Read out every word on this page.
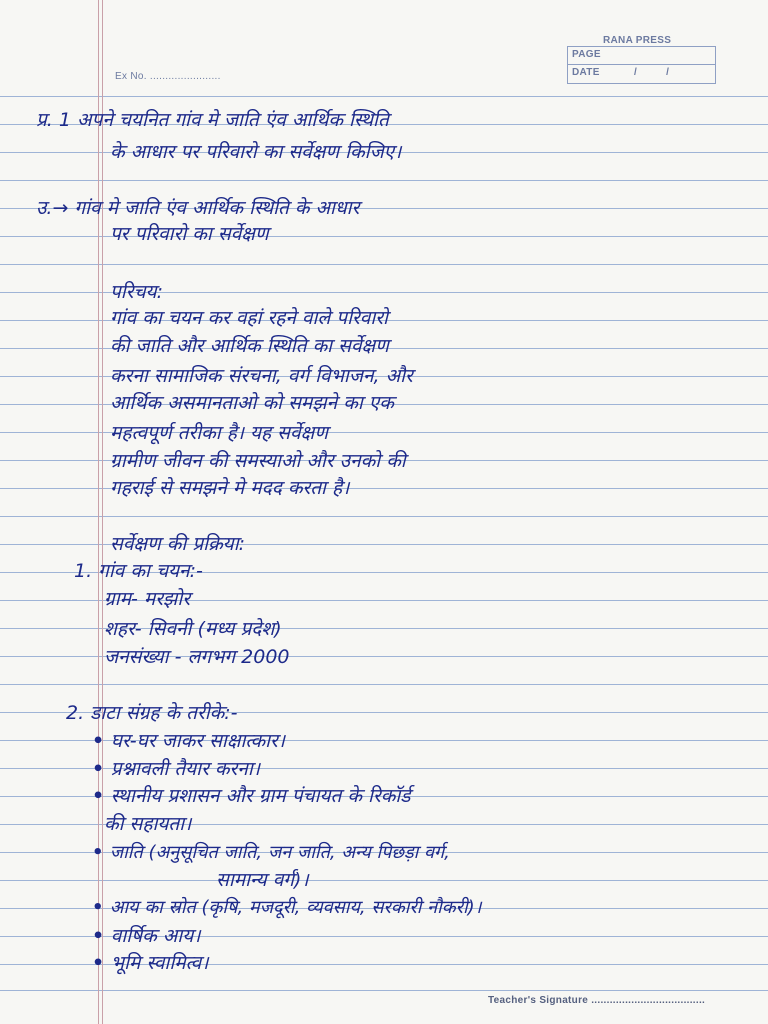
RANA PRESS
PAGE
DATE	/ /
Ex No. .......................
प्र. 1 अपने चयनित गांव मे जाति एंव आर्थिक स्थिति
के आधार पर परिवारो का सर्वेक्षण किजिए।
उ.→ गांव मे जाति एंव आर्थिक स्थिति के आधार
पर परिवारो का सर्वेक्षण
परिचय:
गांव का चयन कर वहां रहने वाले परिवारो
की जाति और आर्थिक स्थिति का सर्वेक्षण
करना सामाजिक संरचना, वर्ग विभाजन, और
आर्थिक असमानताओ को समझने का एक
महत्वपूर्ण तरीका है। यह सर्वेक्षण
ग्रामीण जीवन की समस्याओ और उनको की
गहराई से समझने मे मदद करता है।
सर्वेक्षण की प्रक्रिया:
1. गांव का चयन:-
ग्राम- मरझोर
शहर- सिवनी (मध्य प्रदेश)
जनसंख्या - लगभग 2000
2. डाटा संग्रह के तरीके:-
• घर-घर जाकर साक्षात्कार।
• प्रश्नावली तैयार करना।
• स्थानीय प्रशासन और ग्राम पंचायत के रिकॉर्ड
की सहायता।
• जाति (अनुसूचित जाति, जन जाति, अन्य पिछड़ा वर्ग,
सामान्य वर्ग)।
• आय का स्रोत (कृषि, मजदूरी, व्यवसाय, सरकारी नौकरी)।
• वार्षिक आय।
• भूमि स्वामित्व।
Teacher's Signature .....................................
